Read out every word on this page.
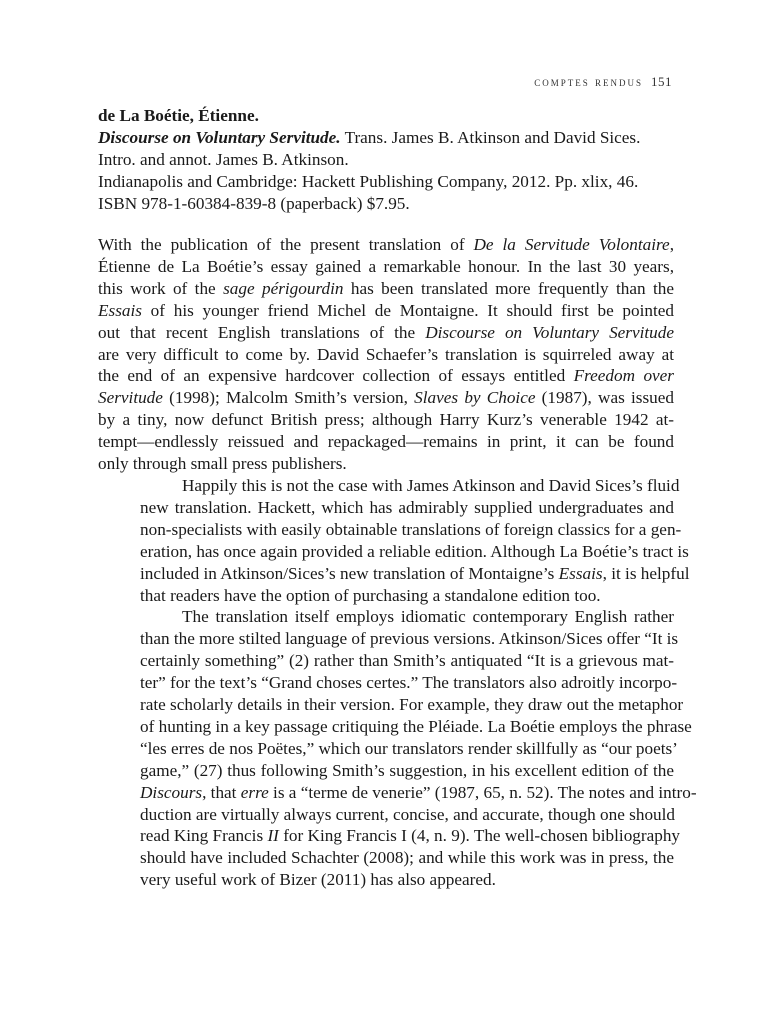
comptes rendus 151
de La Boétie, Étienne.
Discourse on Voluntary Servitude. Trans. James B. Atkinson and David Sices.
Intro. and annot. James B. Atkinson.
Indianapolis and Cambridge: Hackett Publishing Company, 2012. Pp. xlix, 46.
ISBN 978-1-60384-839-8 (paperback) $7.95.

With the publication of the present translation of De la Servitude Volontaire,
Étienne de La Boétie’s essay gained a remarkable honour. In the last 30 years,
this work of the sage périgourdin has been translated more frequently than the
Essais of his younger friend Michel de Montaigne. It should first be pointed
out that recent English translations of the Discourse on Voluntary Servitude
are very difficult to come by. David Schaefer’s translation is squirreled away at
the end of an expensive hardcover collection of essays entitled Freedom over
Servitude (1998); Malcolm Smith’s version, Slaves by Choice (1987), was issued
by a tiny, now defunct British press; although Harry Kurz’s venerable 1942 at-
tempt—endlessly reissued and repackaged—remains in print, it can be found
only through small press publishers.

Happily this is not the case with James Atkinson and David Sices’s fluid
new translation. Hackett, which has admirably supplied undergraduates and
non-specialists with easily obtainable translations of foreign classics for a gen-
eration, has once again provided a reliable edition. Although La Boétie’s tract is
included in Atkinson/Sices’s new translation of Montaigne’s Essais, it is helpful
that readers have the option of purchasing a standalone edition too.

The translation itself employs idiomatic contemporary English rather
than the more stilted language of previous versions. Atkinson/Sices offer “It is
certainly something” (2) rather than Smith’s antiquated “It is a grievous mat-
ter” for the text’s “Grand choses certes.” The translators also adroitly incorpo-
rate scholarly details in their version. For example, they draw out the metaphor
of hunting in a key passage critiquing the Pléiade. La Boétie employs the phrase
“les erres de nos Poëtes,” which our translators render skillfully as “our poets’
game,” (27) thus following Smith’s suggestion, in his excellent edition of the
Discours, that erre is a “terme de venerie” (1987, 65, n. 52). The notes and intro-
duction are virtually always current, concise, and accurate, though one should
read King Francis II for King Francis I (4, n. 9). The well-chosen bibliography
should have included Schachter (2008); and while this work was in press, the
very useful work of Bizer (2011) has also appeared.
